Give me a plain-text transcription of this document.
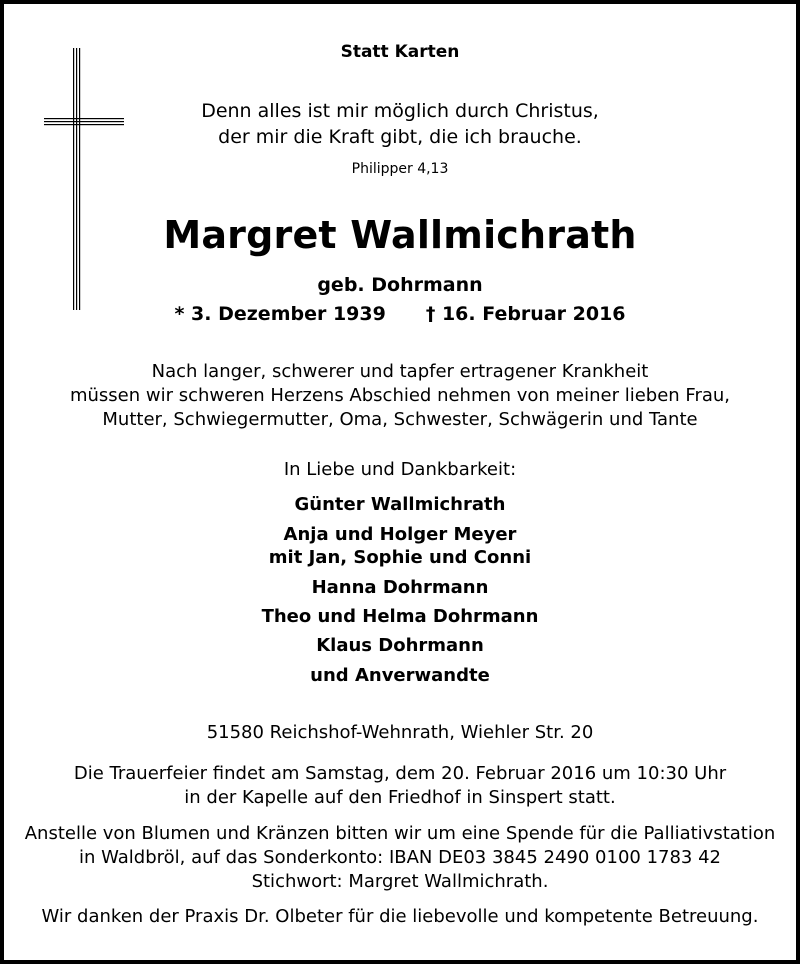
Statt Karten
Denn alles ist mir möglich durch Christus,
der mir die Kraft gibt, die ich brauche.
Philipper 4,13
Margret Wallmichrath
geb. Dohrmann
* 3. Dezember 1939 † 16. Februar 2016
Nach langer, schwerer und tapfer ertragener Krankheit
müssen wir schweren Herzens Abschied nehmen von meiner lieben Frau,
Mutter, Schwiegermutter, Oma, Schwester, Schwägerin und Tante
In Liebe und Dankbarkeit:
Günter Wallmichrath
Anja und Holger Meyer
mit Jan, Sophie und Conni
Hanna Dohrmann
Theo und Helma Dohrmann
Klaus Dohrmann
und Anverwandte
51580 Reichshof-Wehnrath, Wiehler Str. 20
Die Trauerfeier findet am Samstag, dem 20. Februar 2016 um 10:30 Uhr
in der Kapelle auf den Friedhof in Sinspert statt.
Anstelle von Blumen und Kränzen bitten wir um eine Spende für die Palliativstation
in Waldbröl, auf das Sonderkonto: IBAN DE03 3845 2490 0100 1783 42
Stichwort: Margret Wallmichrath.
Wir danken der Praxis Dr. Olbeter für die liebevolle und kompetente Betreuung.
